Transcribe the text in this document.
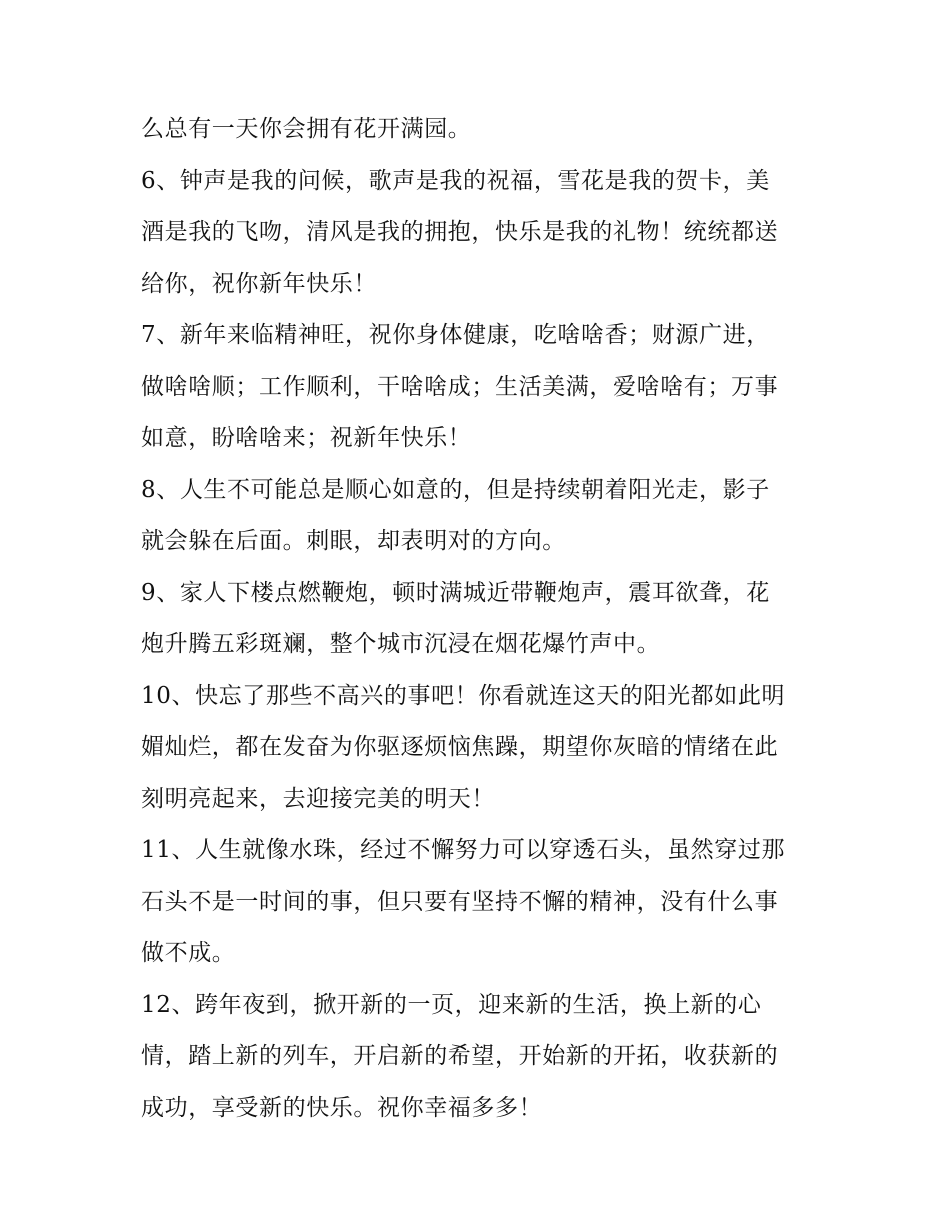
么总有一天你会拥有花开满园。

6、钟声是我的问候，歌声是我的祝福，雪花是我的贺卡，美
酒是我的飞吻，清风是我的拥抱，快乐是我的礼物！统统都送
给你，祝你新年快乐！

7、新年来临精神旺，祝你身体健康，吃啥啥香；财源广进，
做啥啥顺；工作顺利，干啥啥成；生活美满，爱啥啥有；万事
如意，盼啥啥来；祝新年快乐！

8、人生不可能总是顺心如意的，但是持续朝着阳光走，影子
就会躲在后面。刺眼，却表明对的方向。

9、家人下楼点燃鞭炮，顿时满城近带鞭炮声，震耳欲聋，花
炮升腾五彩斑斓，整个城市沉浸在烟花爆竹声中。

10、快忘了那些不高兴的事吧！你看就连这天的阳光都如此明
媚灿烂，都在发奋为你驱逐烦恼焦躁，期望你灰暗的情绪在此
刻明亮起来，去迎接完美的明天！

11、人生就像水珠，经过不懈努力可以穿透石头，虽然穿过那
石头不是一时间的事，但只要有坚持不懈的精神，没有什么事
做不成。

12、跨年夜到，掀开新的一页，迎来新的生活，换上新的心
情，踏上新的列车，开启新的希望，开始新的开拓，收获新的
成功，享受新的快乐。祝你幸福多多！
